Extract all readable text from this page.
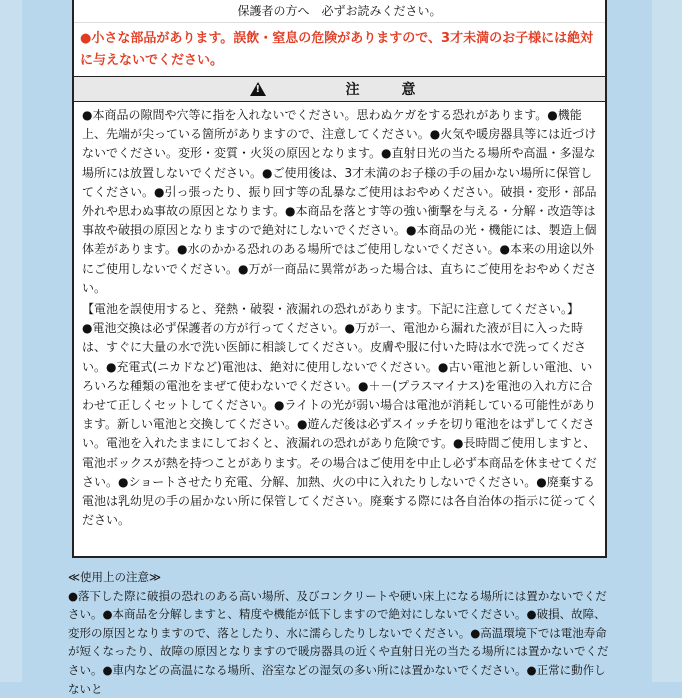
保護者の方へ　必ずお読みください。
●小さな部品があります。誤飲・窒息の危険がありますので、3才未満のお子様には絶対に与えないでください。
!	注　意

●本商品の隙間や穴等に指を入れないでください。思わぬケガをする恐れがあります。●機能上、先端が尖っている箇所がありますので、注意してください。●火気や暖房器具等には近づけないでください。変形・変質・火災の原因となります。●直射日光の当たる場所や高温・多湿な場所には放置しないでください。●ご使用後は、3才未満のお子様の手の届かない場所に保管してください。●引っ張ったり、振り回す等の乱暴なご使用はおやめください。破損・変形・部品外れや思わぬ事故の原因となります。●本商品を落とす等の強い衝撃を与える・分解・改造等は事故や破損の原因となりますので絶対にしないでください。●本商品の光・機能には、製造上個体差があります。●水のかかる恐れのある場所ではご使用しないでください。●本来の用途以外にご使用しないでください。●万が一商品に異常があった場合は、直ちにご使用をおやめください。

【電池を誤使用すると、発熱・破裂・液漏れの恐れがあります。下記に注意してください。】

●電池交換は必ず保護者の方が行ってください。●万が一、電池から漏れた液が目に入った時は、すぐに大量の水で洗い医師に相談してください。皮膚や服に付いた時は水で洗ってください。●充電式(ニカドなど)電池は、絶対に使用しないでください。●古い電池と新しい電池、いろいろな種類の電池をまぜて使わないでください。●＋－(プラスマイナス)を電池の入れ方に合わせて正しくセットしてください。●ライトの光が弱い場合は電池が消耗している可能性があります。新しい電池と交換してください。●遊んだ後は必ずスイッチを切り電池をはずしてください。電池を入れたままにしておくと、液漏れの恐れがあり危険です。●長時間ご使用しますと、電池ボックスが熱を持つことがあります。その場合はご使用を中止し必ず本商品を休ませてください。●ショートさせたり充電、分解、加熱、火の中に入れたりしないでください。●廃棄する電池は乳幼児の手の届かない所に保管してください。廃棄する際には各自治体の指示に従ってください。

≪使用上の注意≫
●落下した際に破損の恐れのある高い場所、及びコンクリートや硬い床上になる場所には置かないでください。●本商品を分解しますと、精度や機能が低下しますので絶対にしないでください。●破損、故障、変形の原因となりますので、落としたり、水に濡らしたりしないでください。●高温環境下では電池寿命が短くなったり、故障の原因となりますので暖房器具の近くや直射日光の当たる場所には置かないでください。●車内などの高温になる場所、浴室などの湿気の多い所には置かないでください。●正常に動作しないと
